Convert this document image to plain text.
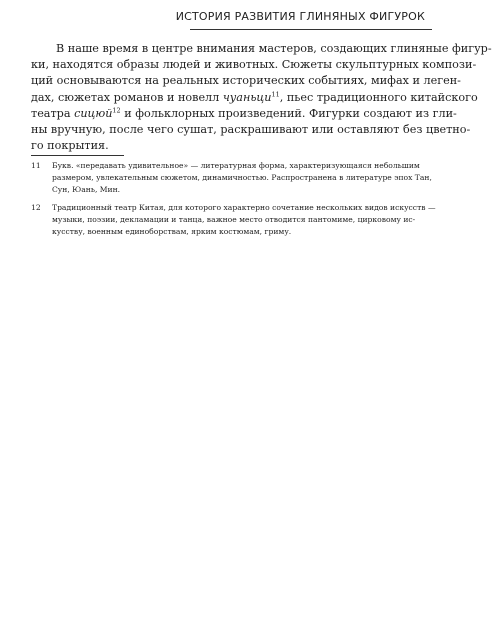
ИСТОРИЯ РАЗВИТИЯ ГЛИНЯНЫХ ФИГУРОК
В наше время в центре внимания мастеров, создающих глиняные фигур-
ки, находятся образы людей и животных. Сюжеты скульптурных компози-
ций основываются на реальных исторических событиях, мифах и леген-
дах, сюжетах романов и новелл чуаньци$^{11}$, пьес традиционного китайского
театра сицюй$^{12}$ и фольклорных произведений. Фигурки создают из гли-
ны вручную, после чего сушат, раскрашивают или оставляют без цветно-
го покрытия.
11 Букв. «передавать удивительное» — литературная форма, характеризующаяся небольшим
размером, увлекательным сюжетом, динамичностью. Распространена в литературе эпох Тан,
Сун, Юань, Мин.
12 Традиционный театр Китая, для которого характерно сочетание нескольких видов искусств —
музыки, поэзии, декламации и танца, важное место отводится пантомиме, цирковому ис-
кусству, военным единоборствам, ярким костюмам, гриму.
